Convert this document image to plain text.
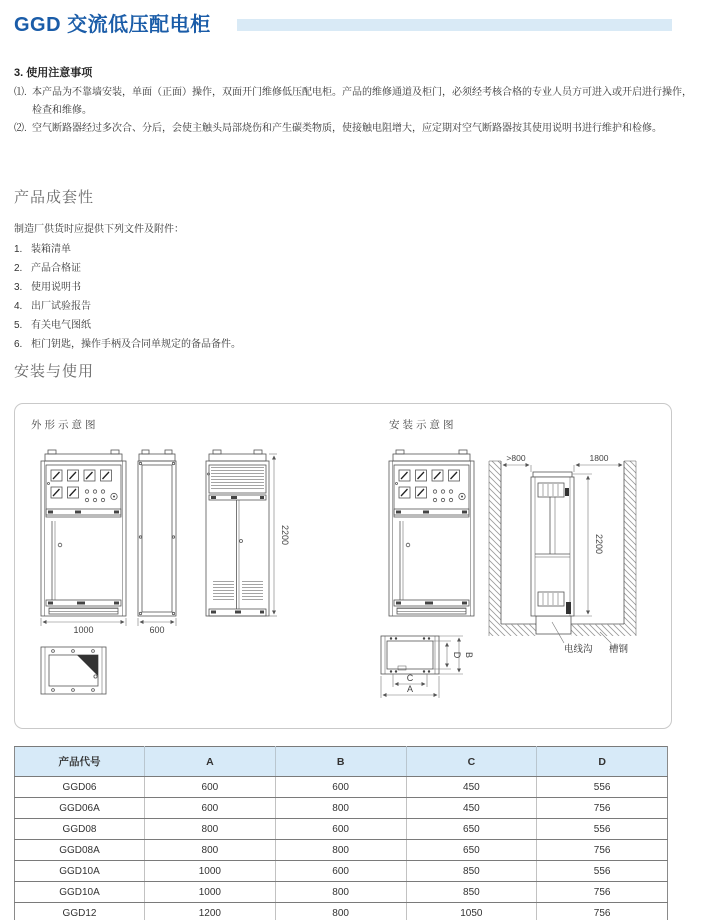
GGD 交流低压配电柜
3. 使用注意事项

⑴. 本产品为不靠墙安装，单面（正面）操作，双面开门维修低压配电柜。产品的维修通道及柜门，必须经考核合格的专业人员方可进入或开启进行操作，检查和维修。

⑵. 空气断路器经过多次合、分后，会使主触头局部烧伤和产生碳类物质，使接触电阻增大，应定期对空气断路器按其使用说明书进行维护和检修。

产品成套性

制造厂供货时应提供下列文件及附件：

1. 装箱清单
2. 产品合格证
3. 使用说明书
4. 出厂试验报告
5. 有关电气图纸
6. 柜门钥匙，操作手柄及合同单规定的备品备件。
安装与使用
外形示意图	安装示意图
1000	600
2200
>800	1800
2200
电线沟 槽钢
D B
C
A
产品代号	A	B	C	D
GGD06	600	600	450	556
GGD06A	600	800	450	756
GGD08	800	600	650	556
GGD08A	800	800	650	756
GGD10A	1000	600	850	556
GGD10A	1000	800	850	756
GGD12	1200	800	1050	756
